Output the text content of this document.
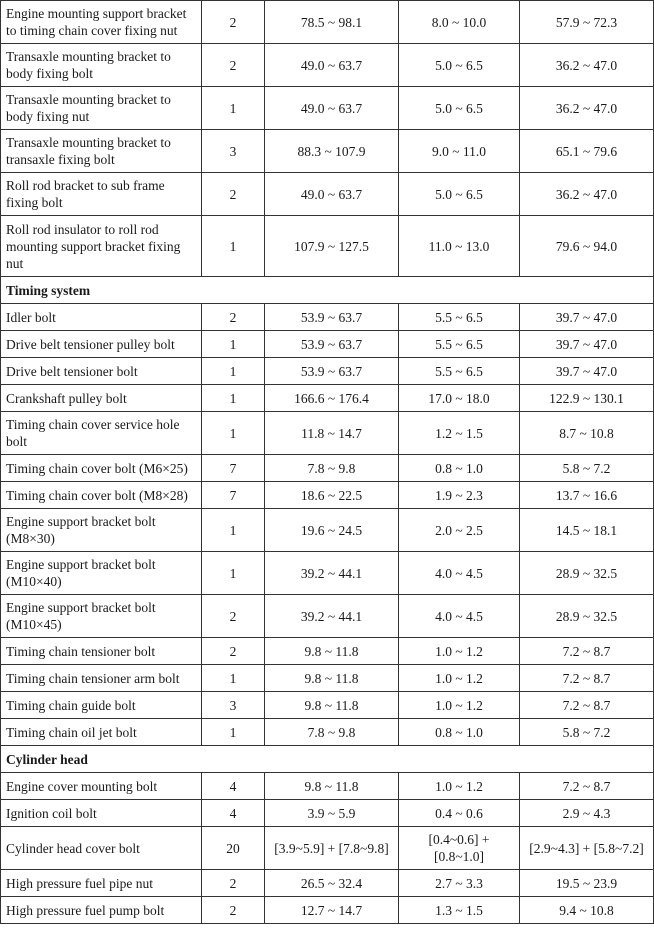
Engine mounting support bracket to timing chain cover fixing nut	2	78.5 ~ 98.1	8.0 ~ 10.0	57.9 ~ 72.3
Transaxle mounting bracket to body fixing bolt	2	49.0 ~ 63.7	5.0 ~ 6.5	36.2 ~ 47.0
Transaxle mounting bracket to body fixing nut	1	49.0 ~ 63.7	5.0 ~ 6.5	36.2 ~ 47.0
Transaxle mounting bracket to transaxle fixing bolt	3	88.3 ~ 107.9	9.0 ~ 11.0	65.1 ~ 79.6
Roll rod bracket to sub frame fixing bolt	2	49.0 ~ 63.7	5.0 ~ 6.5	36.2 ~ 47.0
Roll rod insulator to roll rod mounting support bracket fixing nut	1	107.9 ~ 127.5	11.0 ~ 13.0	79.6 ~ 94.0
Timing system				
Idler bolt	2	53.9 ~ 63.7	5.5 ~ 6.5	39.7 ~ 47.0
Drive belt tensioner pulley bolt	1	53.9 ~ 63.7	5.5 ~ 6.5	39.7 ~ 47.0
Drive belt tensioner bolt	1	53.9 ~ 63.7	5.5 ~ 6.5	39.7 ~ 47.0
Crankshaft pulley bolt	1	166.6 ~ 176.4	17.0 ~ 18.0	122.9 ~ 130.1
Timing chain cover service hole bolt	1	11.8 ~ 14.7	1.2 ~ 1.5	8.7 ~ 10.8
Timing chain cover bolt (M6×25)	7	7.8 ~ 9.8	0.8 ~ 1.0	5.8 ~ 7.2
Timing chain cover bolt (M8×28)	7	18.6 ~ 22.5	1.9 ~ 2.3	13.7 ~ 16.6
Engine support bracket bolt (M8×30)	1	19.6 ~ 24.5	2.0 ~ 2.5	14.5 ~ 18.1
Engine support bracket bolt (M10×40)	1	39.2 ~ 44.1	4.0 ~ 4.5	28.9 ~ 32.5
Engine support bracket bolt (M10×45)	2	39.2 ~ 44.1	4.0 ~ 4.5	28.9 ~ 32.5
Timing chain tensioner bolt	2	9.8 ~ 11.8	1.0 ~ 1.2	7.2 ~ 8.7
Timing chain tensioner arm bolt	1	9.8 ~ 11.8	1.0 ~ 1.2	7.2 ~ 8.7
Timing chain guide bolt	3	9.8 ~ 11.8	1.0 ~ 1.2	7.2 ~ 8.7
Timing chain oil jet bolt	1	7.8 ~ 9.8	0.8 ~ 1.0	5.8 ~ 7.2
Cylinder head				
Engine cover mounting bolt	4	9.8 ~ 11.8	1.0 ~ 1.2	7.2 ~ 8.7
Ignition coil bolt	4	3.9 ~ 5.9	0.4 ~ 0.6	2.9 ~ 4.3
Cylinder head cover bolt	20	[3.9~5.9] + [7.8~9.8]	[0.4~0.6] + [0.8~1.0]	[2.9~4.3] + [5.8~7.2]
High pressure fuel pipe nut	2	26.5 ~ 32.4	2.7 ~ 3.3	19.5 ~ 23.9
High pressure fuel pump bolt	2	12.7 ~ 14.7	1.3 ~ 1.5	9.4 ~ 10.8
